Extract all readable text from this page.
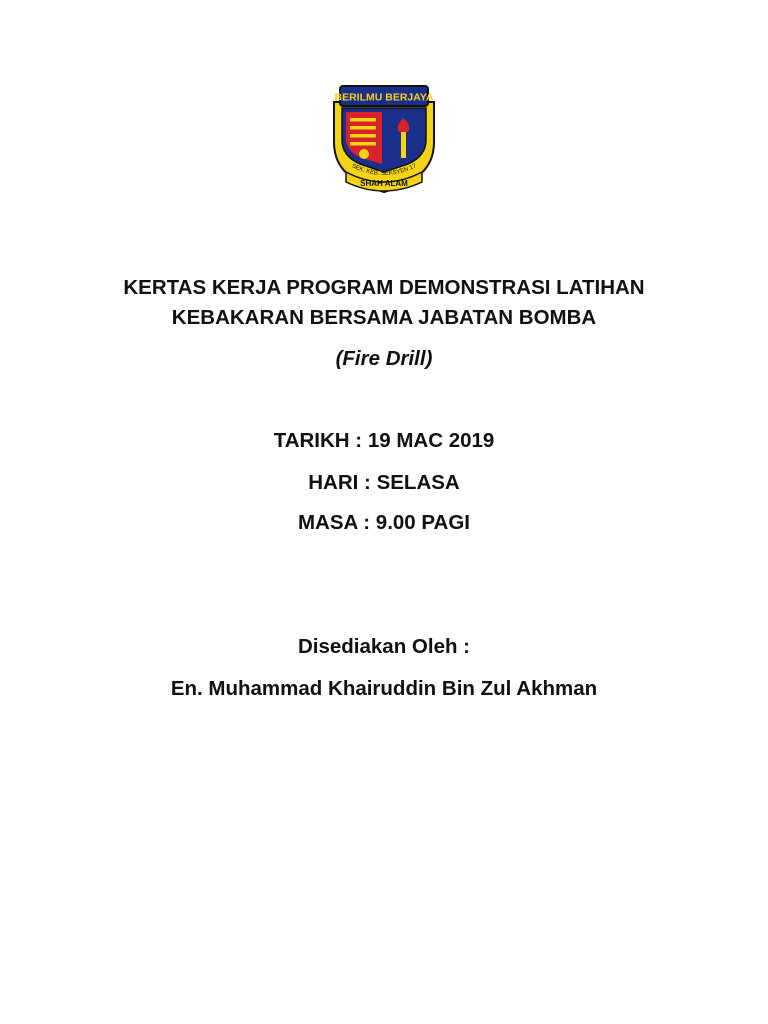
BERILMU BERJAYA
SEK. KEB. SEKSYEN 17
SHAH ALAM
KERTAS KERJA PROGRAM DEMONSTRASI LATIHAN
KEBAKARAN BERSAMA JABATAN BOMBA
(Fire Drill)
TARIKH : 19 MAC 2019
HARI : SELASA
MASA : 9.00 PAGI
Disediakan Oleh :
En. Muhammad Khairuddin Bin Zul Akhman
